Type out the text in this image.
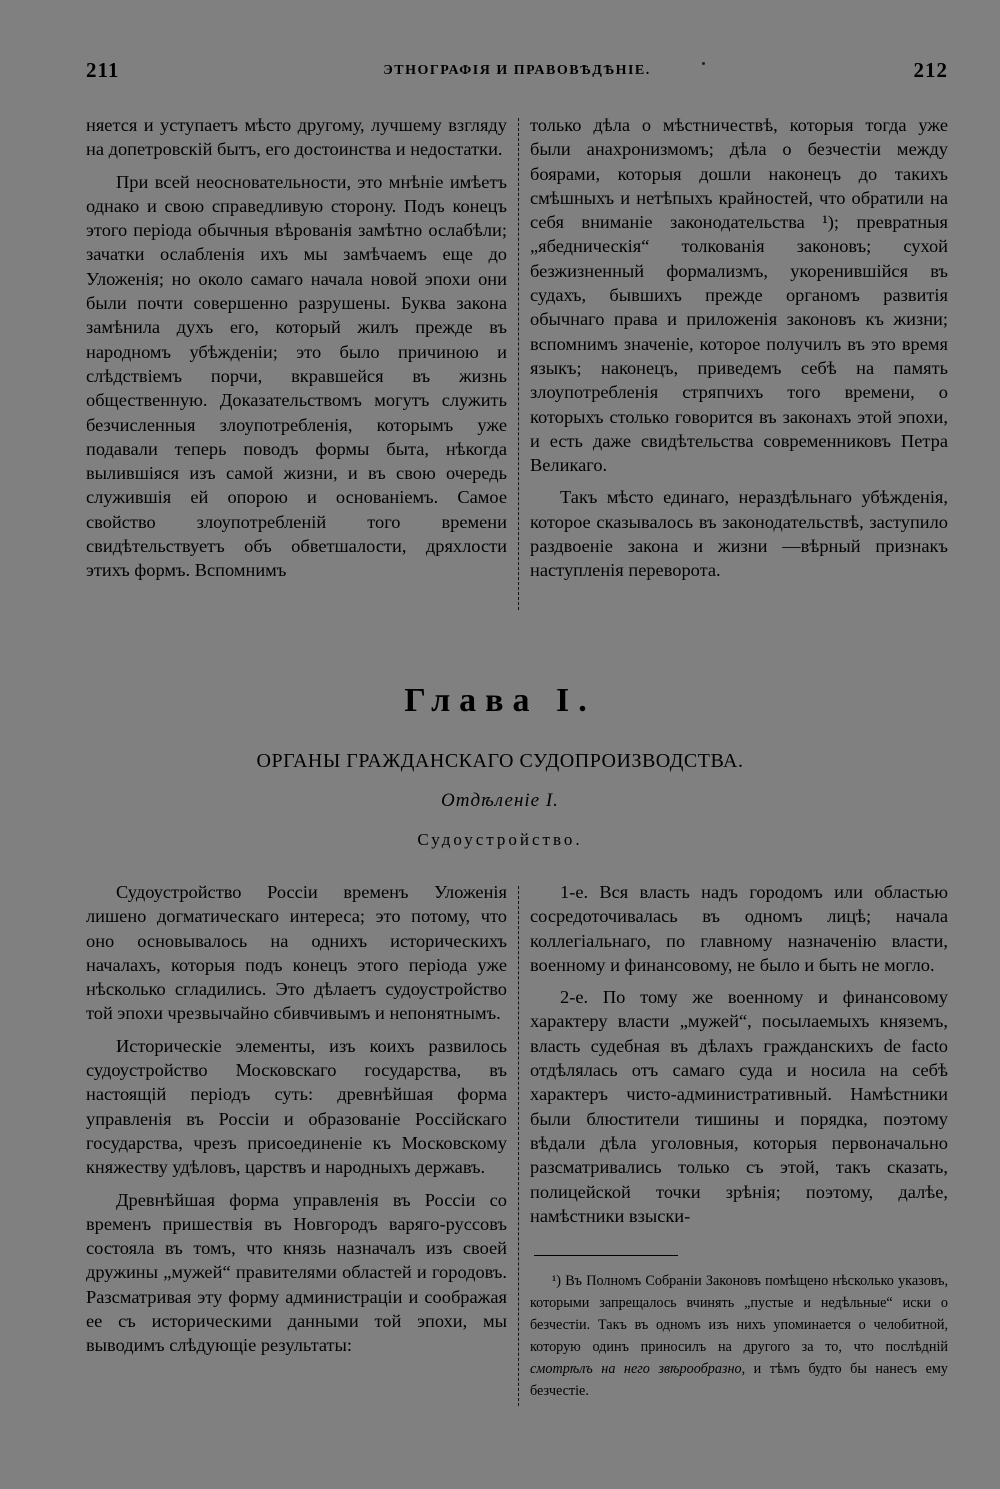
211	ЭТНОГРАФІЯ И ПРАВОВѢДѢНІЕ.	212

няется и уступаетъ мѣсто другому, лучшему взгляду на допетровскій бытъ, его достоинства и недостатки.

При всей неосновательности, это мнѣніе имѣетъ однако и свою справедливую сторону. Подъ конецъ этого періода обычныя вѣрованія замѣтно ослабѣли; зачатки ослабленія ихъ мы замѣчаемъ еще до Уложенія; но около самаго начала новой эпохи они были почти совершенно разрушены. Буква закона замѣнила духъ его, который жилъ прежде въ народномъ убѣжденіи; это было причиною и слѣдствіемъ порчи, вкравшейся въ жизнь общественную. Доказательствомъ могутъ служить безчисленныя злоупотребленія, которымъ уже подавали теперь поводъ формы быта, нѣкогда вылившіяся изъ самой жизни, и въ свою очередь служившія ей опорою и основаніемъ. Самое свойство злоупотребленій того времени свидѣтельствуетъ объ обветшалости, дряхлости этихъ формъ. Вспомнимъ

только дѣла о мѣстничествѣ, которыя тогда уже были анахронизмомъ; дѣла о безчестіи между боярами, которыя дошли наконецъ до такихъ смѣшныхъ и нетѣпыхъ крайностей, что обратили на себя вниманіе законодательства ¹); превратныя „ябедническія“ толкованія законовъ; сухой безжизненный формализмъ, укоренившійся въ судахъ, бывшихъ прежде органомъ развитія обычнаго права и приложенія законовъ къ жизни; вспомнимъ значеніе, которое получилъ въ это время языкъ; наконецъ, приведемъ себѣ на память злоупотребленія стряпчихъ того времени, о которыхъ столько говорится въ законахъ этой эпохи, и есть даже свидѣтельства современниковъ Петра Великаго.

Такъ мѣсто единаго, нераздѣльнаго убѣжденія, которое сказывалось въ законодательствѣ, заступило раздвоеніе закона и жизни —вѣрный признакъ наступленія переворота.

Глава I.
ОРГАНЫ ГРАЖДАНСКАГО СУДОПРОИЗВОДСТВА.
Отдѣленіе I.
Судоустройство.

Судоустройство Россіи временъ Уложенія лишено догматическаго интереса; это потому, что оно основывалось на однихъ историческихъ началахъ, которыя подъ конецъ этого періода уже нѣсколько сгладились. Это дѣлаетъ судоустройство той эпохи чрезвычайно сбивчивымъ и непонятнымъ.

Историческіе элементы, изъ коихъ развилось судоустройство Московскаго государства, въ настоящій періодъ суть: древнѣйшая форма управленія въ Россіи и образованіе Россійскаго государства, чрезъ присоединеніе къ Московскому княжеству удѣловъ, царствъ и народныхъ державъ.

Древнѣйшая форма управленія въ Россіи со временъ пришествія въ Новгородъ варяго-руссовъ состояла въ томъ, что князь назначалъ изъ своей дружины „мужей“ правителями областей и городовъ. Разсматривая эту форму администраціи и соображая ее съ историческими данными той эпохи, мы выводимъ слѣдующіе результаты:

1-е. Вся власть надъ городомъ или областью сосредоточивалась въ одномъ лицѣ; начала коллегіальнаго, по главному назначенію власти, военному и финансовому, не было и быть не могло.

2-е. По тому же военному и финансовому характеру власти „мужей“, посылаемыхъ княземъ, власть судебная въ дѣлахъ гражданскихъ de facto отдѣлялась отъ самаго суда и носила на себѣ характеръ чисто-административный. Намѣстники были блюстители тишины и порядка, поэтому вѣдали дѣла уголовныя, которыя первоначально разсматривались только съ этой, такъ сказать, полицейской точки зрѣнія; поэтому, далѣе, намѣстники взыски-

¹) Въ Полномъ Собраніи Законовъ помѣщено нѣсколько указовъ, которыми запрещалось вчинять „пустые и недѣльные“ иски о безчестіи. Такъ въ одномъ изъ нихъ упоминается о челобитной, которую одинъ приносилъ на другого за то, что послѣдній смотрѣлъ на него звѣрообразно, и тѣмъ будто бы нанесъ ему безчестіе.
